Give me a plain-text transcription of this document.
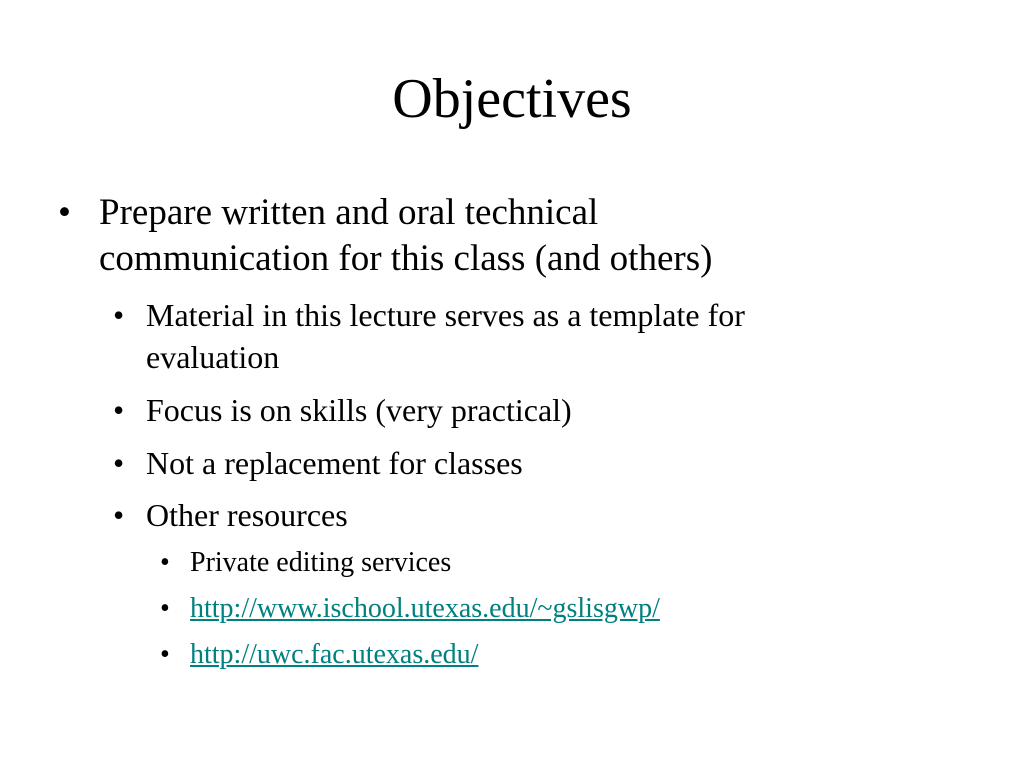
Objectives
• Prepare written and oral technical
communication for this class (and others)
• Material in this lecture serves as a template for
evaluation
• Focus is on skills (very practical)
• Not a replacement for classes
• Other resources
• Private editing services
• http://www.ischool.utexas.edu/~gslisgwp/
• http://uwc.fac.utexas.edu/
